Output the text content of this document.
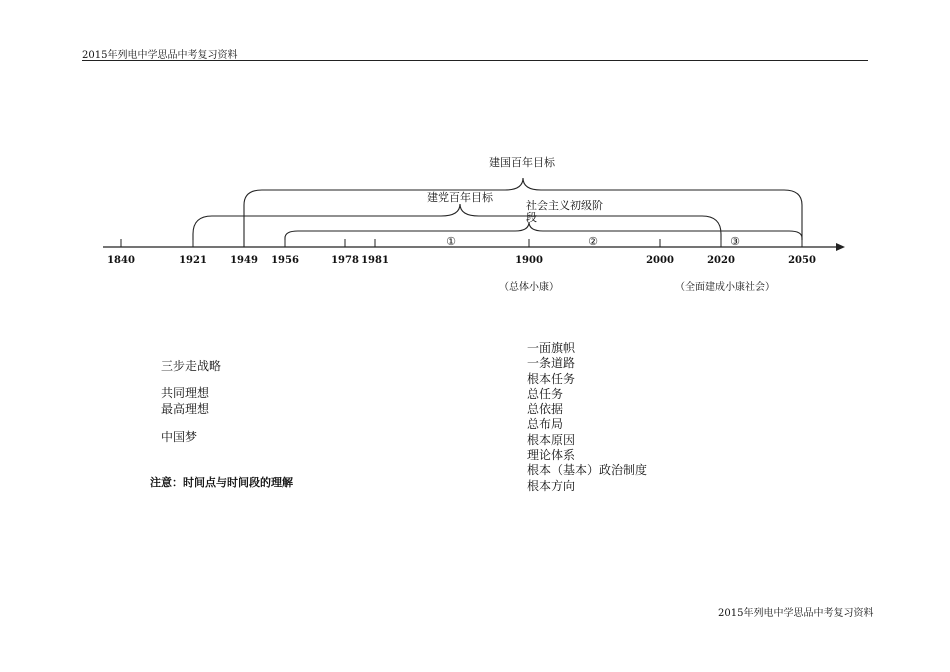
2015年列电中学思品中考复习资料
1840	1921 1949 1956	1978 1981	1900	2000	2020	2050
建国百年目标
建党百年目标
社会主义初级阶段
①	②	③
（总体小康）	（全面建成小康社会）
三步走战略
共同理想
最高理想
中国梦
注意：时间点与时间段的理解
一面旗帜
一条道路
根本任务
总任务
总依据
总布局
根本原因
理论体系
根本（基本）政治制度
根本方向
2015年列电中学思品中考复习资料
